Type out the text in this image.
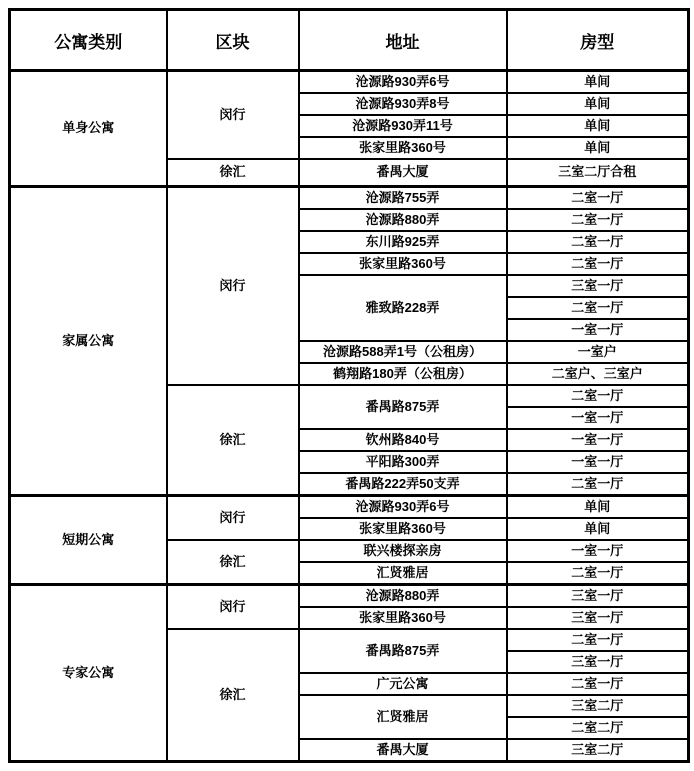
公寓类别	区块	地址	房型
单身公寓	闵行	沧源路930弄6号	单间
		沧源路930弄8号	单间
		沧源路930弄11号	单间
		张家里路360号	单间
	徐汇	番禺大厦	三室二厅合租
家属公寓	闵行	沧源路755弄	二室一厅
		沧源路880弄	二室一厅
		东川路925弄	二室一厅
		张家里路360号	二室一厅
		雅致路228弄	三室一厅
			二室一厅
			一室一厅
		沧源路588弄1号（公租房）	一室户
		鹤翔路180弄（公租房）	二室户、三室户
	徐汇	番禺路875弄	二室一厅
			一室一厅
		钦州路840号	一室一厅
		平阳路300弄	一室一厅
		番禺路222弄50支弄	二室一厅
短期公寓	闵行	沧源路930弄6号	单间
		张家里路360号	单间
	徐汇	联兴楼探亲房	一室一厅
		汇贤雅居	二室一厅
专家公寓	闵行	沧源路880弄	三室一厅
		张家里路360号	三室一厅
	徐汇	番禺路875弄	二室一厅
			三室一厅
		广元公寓	二室一厅
		汇贤雅居	三室二厅
			二室二厅
		番禺大厦	三室二厅
